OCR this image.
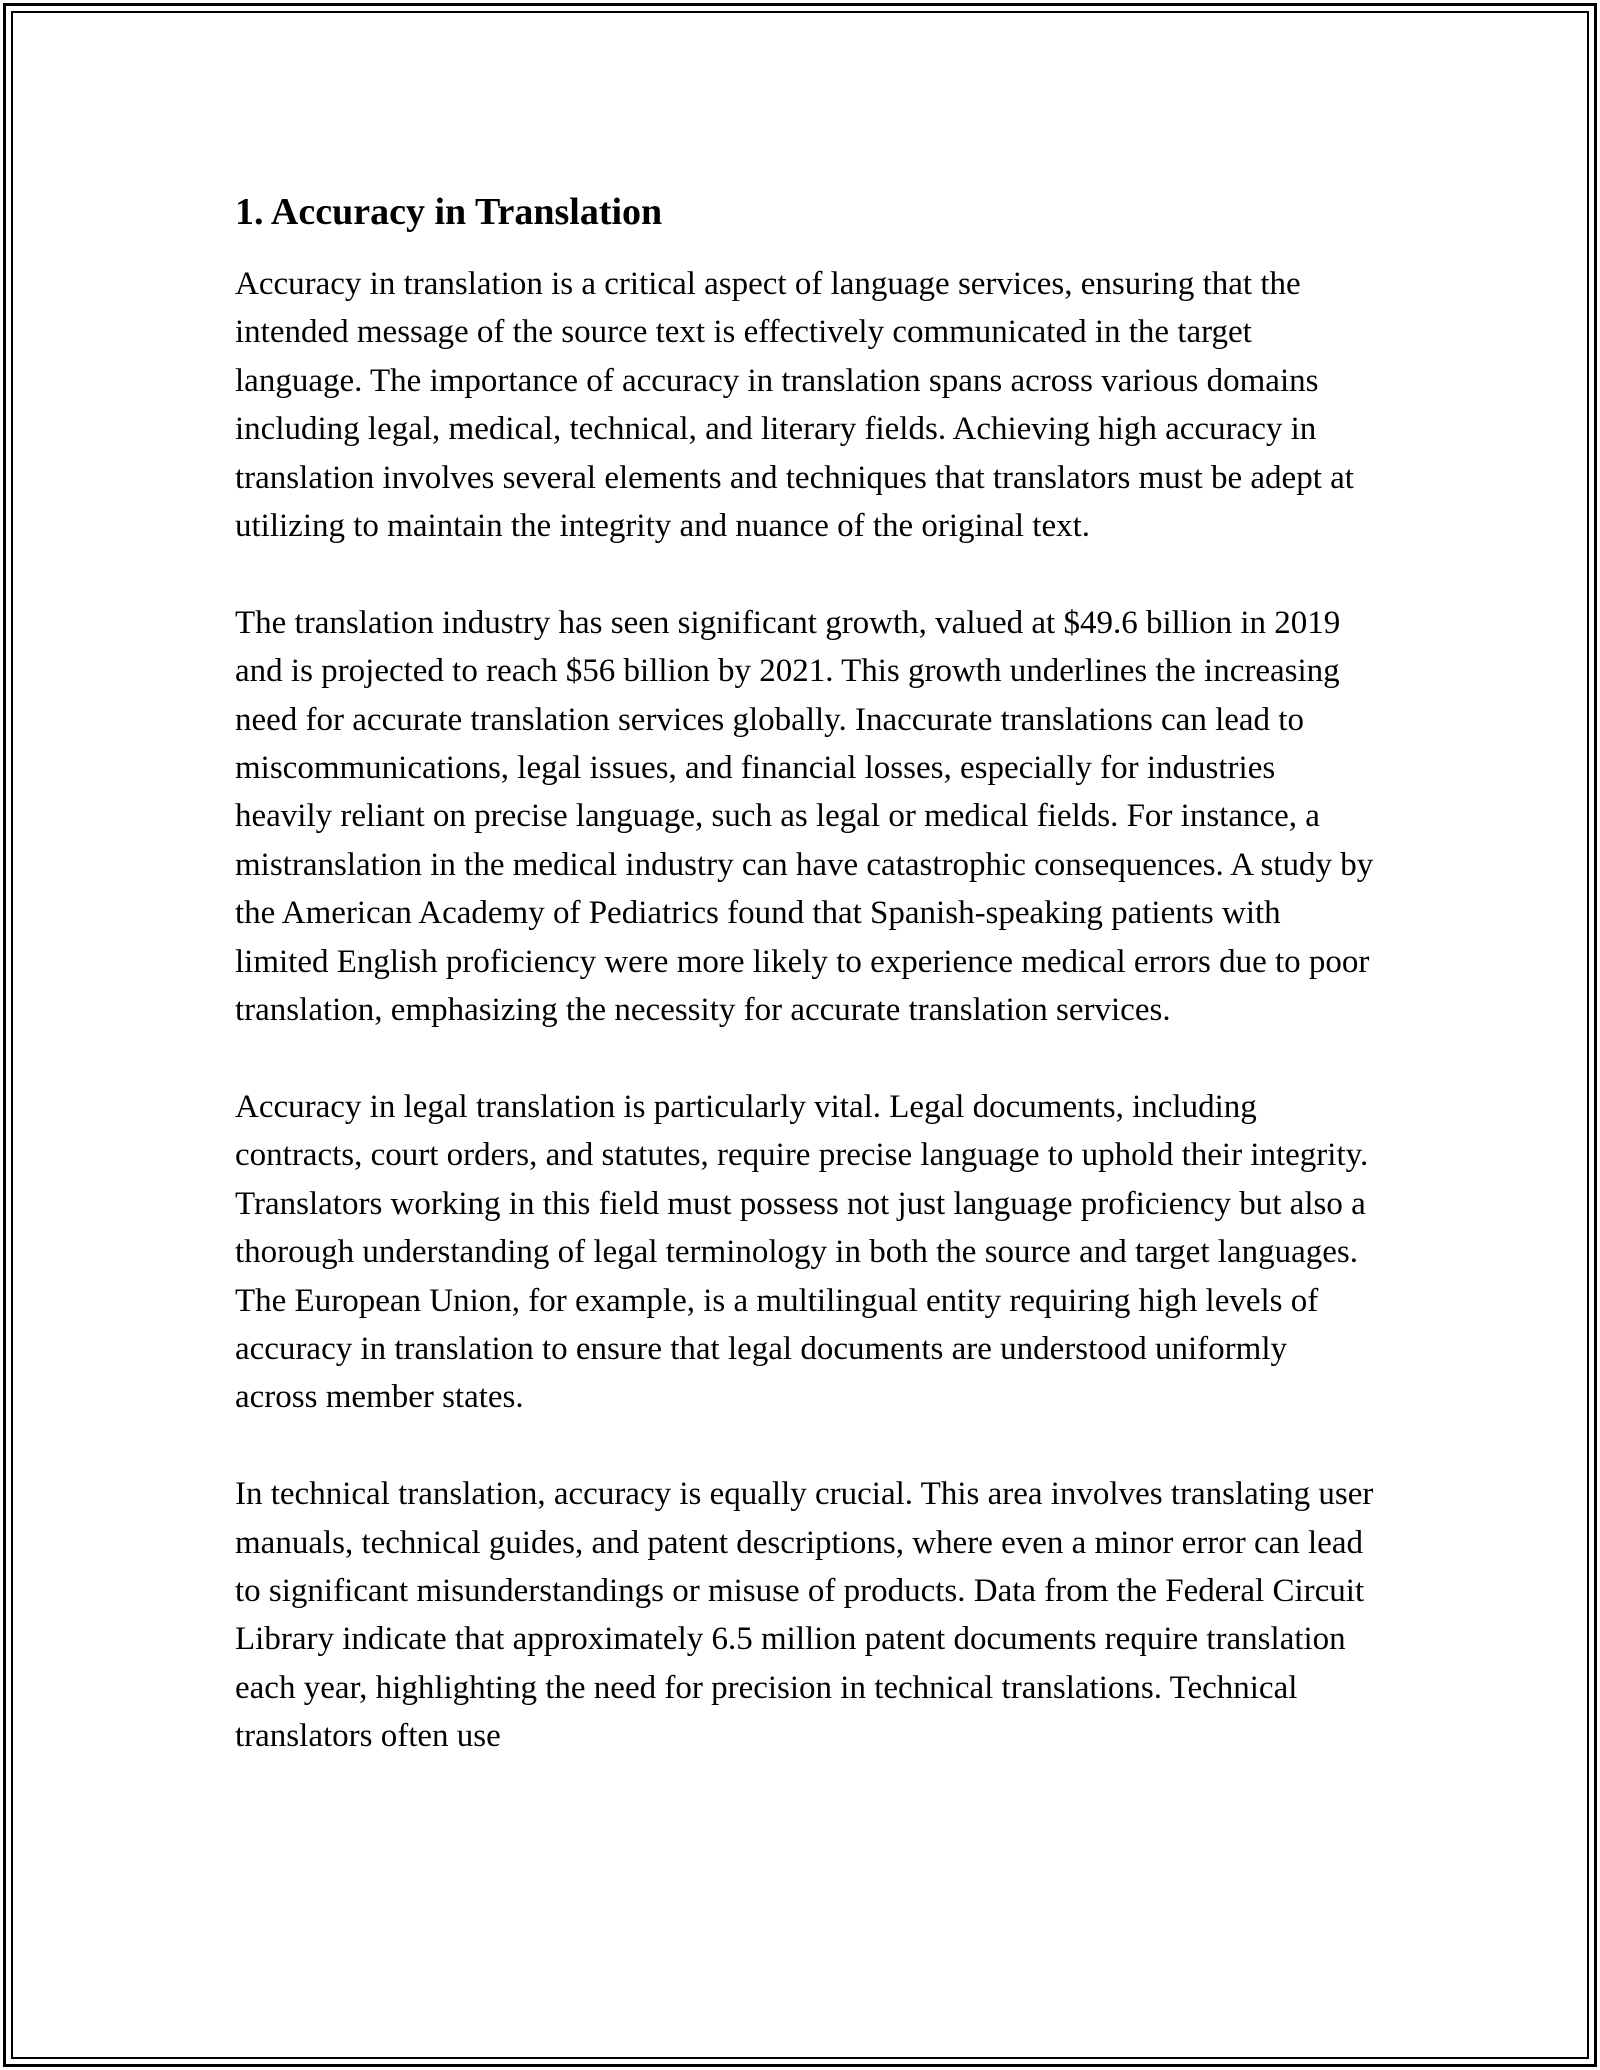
1. Accuracy in Translation

Accuracy in translation is a critical aspect of language services, ensuring that the intended message of the source text is effectively communicated in the target language. The importance of accuracy in translation spans across various domains including legal, medical, technical, and literary fields. Achieving high accuracy in translation involves several elements and techniques that translators must be adept at utilizing to maintain the integrity and nuance of the original text.

The translation industry has seen significant growth, valued at $49.6 billion in 2019 and is projected to reach $56 billion by 2021. This growth underlines the increasing need for accurate translation services globally. Inaccurate translations can lead to miscommunications, legal issues, and financial losses, especially for industries heavily reliant on precise language, such as legal or medical fields. For instance, a mistranslation in the medical industry can have catastrophic consequences. A study by the American Academy of Pediatrics found that Spanish-speaking patients with limited English proficiency were more likely to experience medical errors due to poor translation, emphasizing the necessity for accurate translation services.

Accuracy in legal translation is particularly vital. Legal documents, including contracts, court orders, and statutes, require precise language to uphold their integrity. Translators working in this field must possess not just language proficiency but also a thorough understanding of legal terminology in both the source and target languages. The European Union, for example, is a multilingual entity requiring high levels of accuracy in translation to ensure that legal documents are understood uniformly across member states.

In technical translation, accuracy is equally crucial. This area involves translating user manuals, technical guides, and patent descriptions, where even a minor error can lead to significant misunderstandings or misuse of products. Data from the Federal Circuit Library indicate that approximately 6.5 million patent documents require translation each year, highlighting the need for precision in technical translations. Technical translators often use
